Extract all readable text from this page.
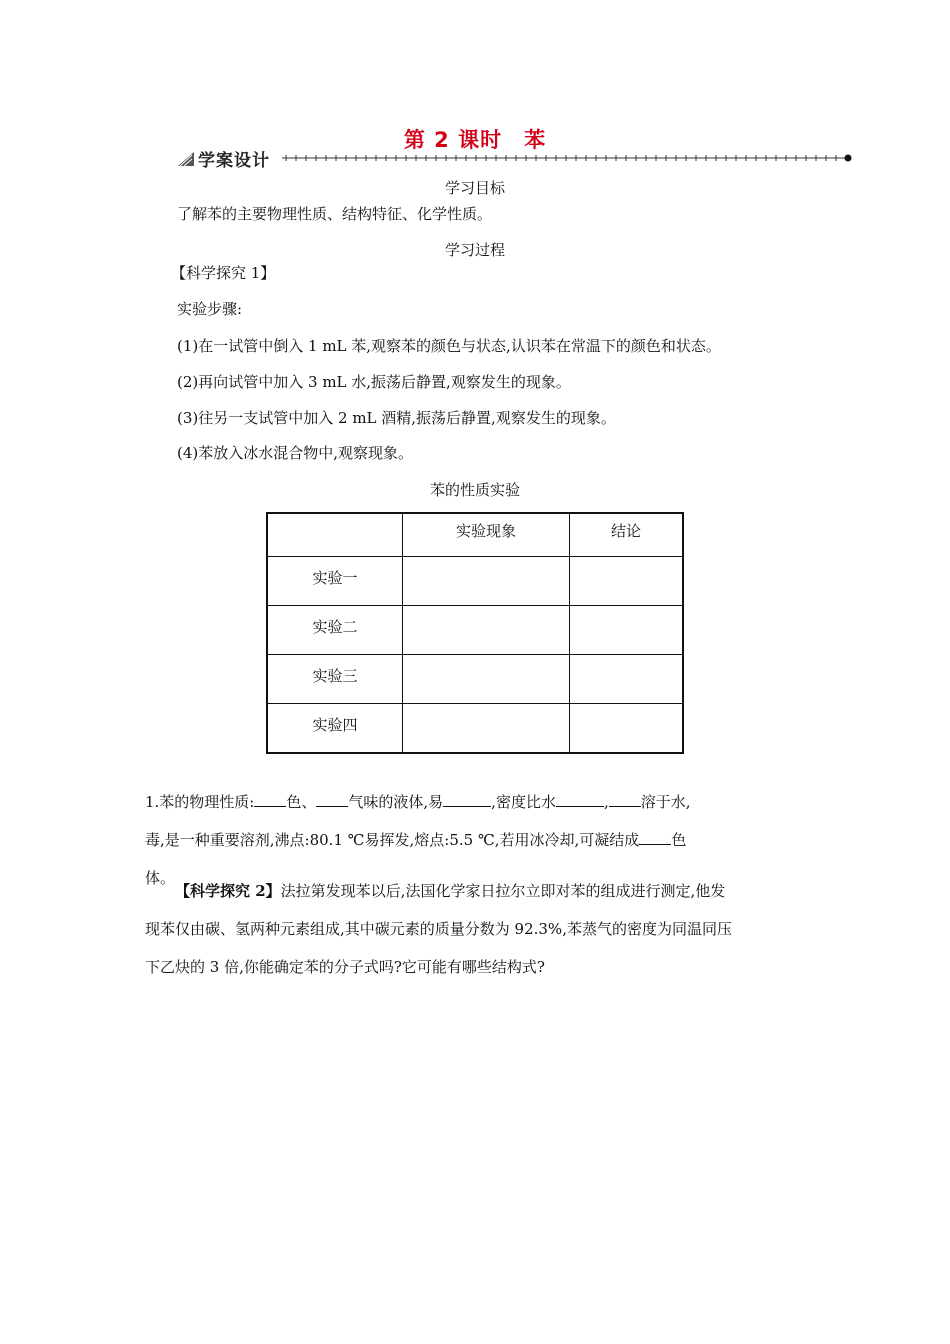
第 2 课时　苯
学案设计
学习目标
了解苯的主要物理性质、结构特征、化学性质。
学习过程
【科学探究 1】
实验步骤:
(1)在一试管中倒入 1 mL 苯,观察苯的颜色与状态,认识苯在常温下的颜色和状态。
(2)再向试管中加入 3 mL 水,振荡后静置,观察发生的现象。
(3)往另一支试管中加入 2 mL 酒精,振荡后静置,观察发生的现象。
(4)苯放入冰水混合物中,观察现象。
苯的性质实验
	实验现象	结论
实验一		
实验二		
实验三		
实验四		
1.苯的物理性质: 色、 气味的液体,易	,密度比水	, 溶于水,
毒,是一种重要溶剂,沸点:80.1 ℃易挥发,熔点:5.5 ℃,若用冰冷却,可凝结成 色
体。
【科学探究 2】法拉第发现苯以后,法国化学家日拉尔立即对苯的组成进行测定,他发
现苯仅由碳、氢两种元素组成,其中碳元素的质量分数为 92.3%,苯蒸气的密度为同温同压
下乙炔的 3 倍,你能确定苯的分子式吗?它可能有哪些结构式?
